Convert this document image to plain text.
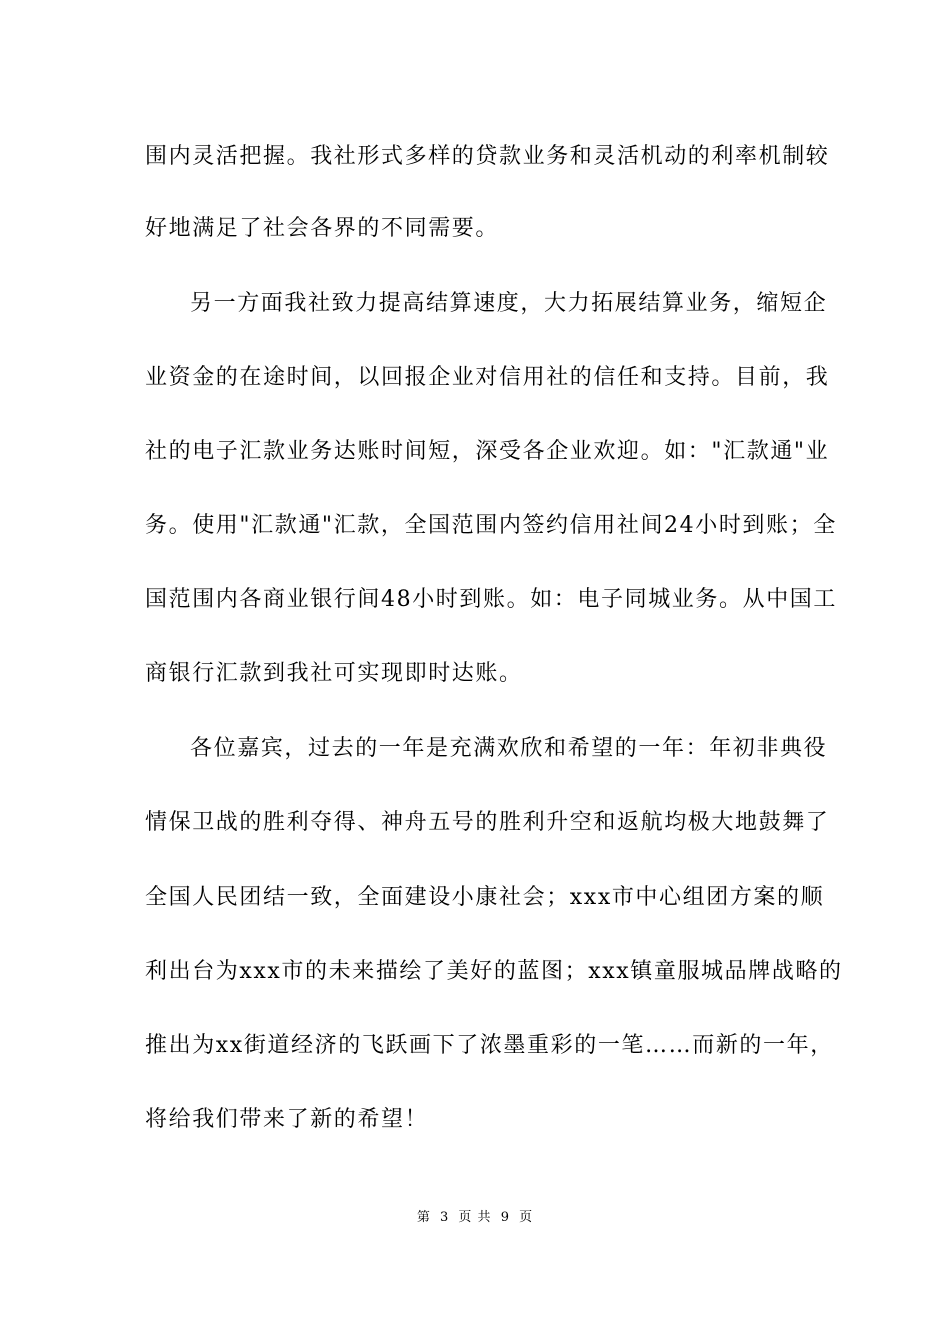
围内灵活把握。我社形式多样的贷款业务和灵活机动的利率机制较
好地满足了社会各界的不同需要。
另一方面我社致力提高结算速度，大力拓展结算业务，缩短企
业资金的在途时间，以回报企业对信用社的信任和支持。目前，我
社的电子汇款业务达账时间短，深受各企业欢迎。如："汇款通"业
务。使用"汇款通"汇款，全国范围内签约信用社间24小时到账；全
国范围内各商业银行间48小时到账。如：电子同城业务。从中国工
商银行汇款到我社可实现即时达账。
各位嘉宾，过去的一年是充满欢欣和希望的一年：年初非典役
情保卫战的胜利夺得、神舟五号的胜利升空和返航均极大地鼓舞了
全国人民团结一致，全面建设小康社会；xxx市中心组团方案的顺
利出台为xxx市的未来描绘了美好的蓝图；xxx镇童服城品牌战略的
推出为xx街道经济的飞跃画下了浓墨重彩的一笔……而新的一年，
将给我们带来了新的希望！
第 3 页 共 9 页
